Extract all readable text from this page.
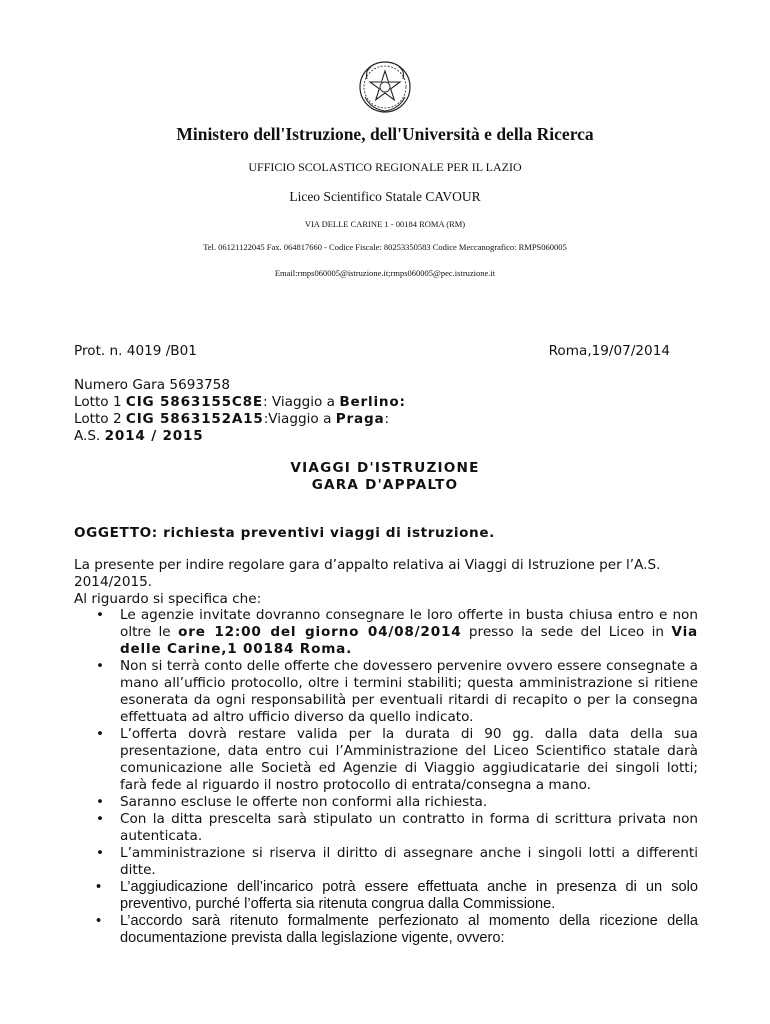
Ministero dell'Istruzione, dell'Università e della Ricerca
UFFICIO SCOLASTICO REGIONALE PER IL LAZIO
Liceo Scientifico Statale CAVOUR
VIA DELLE CARINE 1 - 00184 ROMA (RM)
Tel. 06121122045 Fax. 064817660 - Codice Fiscale: 80253350583 Codice Meccanografico: RMPS060005
Email:rmps060005@istruzione.it;rmps060005@pec.istruzione.it
Prot. n. 4019 /B01	Roma,19/07/2014
Numero Gara 5693758
Lotto 1 CIG 5863155C8E: Viaggio a Berlino:
Lotto 2 CIG 5863152A15:Viaggio a Praga:
A.S. 2014 / 2015
VIAGGI D'ISTRUZIONE
GARA D'APPALTO
OGGETTO: richiesta preventivi viaggi di istruzione.
La presente per indire regolare gara d’appalto relativa ai Viaggi di Istruzione per l’A.S. 2014/2015.
Al riguardo si specifica che:
• Le agenzie invitate dovranno consegnare le loro offerte in busta chiusa entro e non oltre le ore 12:00 del giorno 04/08/2014 presso la sede del Liceo in Via delle Carine,1 00184 Roma.
• Non si terrà conto delle offerte che dovessero pervenire ovvero essere consegnate a mano all’ufficio protocollo, oltre i termini stabiliti; questa amministrazione si ritiene esonerata da ogni responsabilità per eventuali ritardi di recapito o per la consegna effettuata ad altro ufficio diverso da quello indicato.
• L’offerta dovrà restare valida per la durata di 90 gg. dalla data della sua presentazione, data entro cui l’Amministrazione del Liceo Scientifico statale darà comunicazione alle Società ed Agenzie di Viaggio aggiudicatarie dei singoli lotti; farà fede al riguardo il nostro protocollo di entrata/consegna a mano.
• Saranno escluse le offerte non conformi alla richiesta.
• Con la ditta prescelta sarà stipulato un contratto in forma di scrittura privata non autenticata.
• L’amministrazione si riserva il diritto di assegnare anche i singoli lotti a differenti ditte.
• L’aggiudicazione dell’incarico potrà essere effettuata anche in presenza di un solo preventivo, purché l’offerta sia ritenuta congrua dalla Commissione.
• L’accordo sarà ritenuto formalmente perfezionato al momento della ricezione della documentazione prevista dalla legislazione vigente, ovvero:
